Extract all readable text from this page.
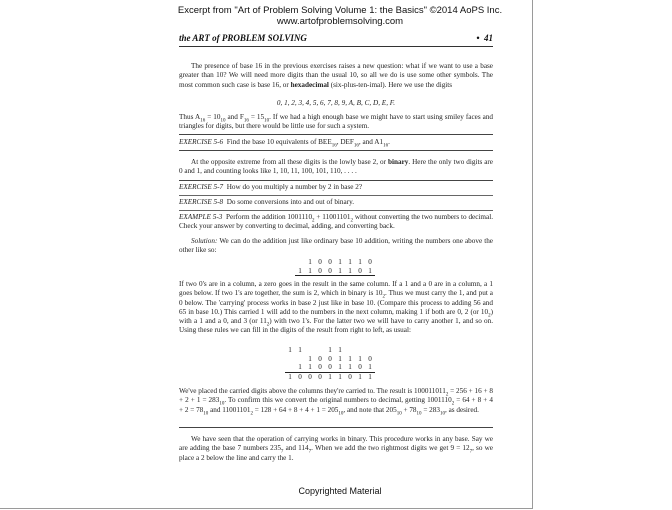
Excerpt from "Art of Problem Solving Volume 1: the Basics" ©2014 AoPS Inc.
www.artofproblemsolving.com
the ART of PROBLEM SOLVING	• 41
The presence of base 16 in the previous exercises raises a new question: what if we want to use a base greater than 10? We will need more digits than the usual 10, so all we do is use some other symbols. The most common such case is base 16, or hexadecimal (six-plus-ten-imal). Here we use the digits
0, 1, 2, 3, 4, 5, 6, 7, 8, 9, A, B, C, D, E, F.
Thus $A_{16} = 10_{10}$ and $F_{16} = 15_{10}$. If we had a high enough base we might have to start using smiley faces and triangles for digits, but there would be little use for such a system.
EXERCISE 5-6 Find the base 10 equivalents of $BEE_{16}$, $DEF_{16}$, and $A1_{16}$.
At the opposite extreme from all these digits is the lowly base 2, or binary. Here the only two digits are 0 and 1, and counting looks like 1, 10, 11, 100, 101, 110, . . . .
EXERCISE 5-7 How do you multiply a number by 2 in base 2?
EXERCISE 5-8 Do some conversions into and out of binary.
EXAMPLE 5-3 Perform the addition $1001110_2 + 11001101_2$ without converting the two numbers to decimal. Check your answer by converting to decimal, adding, and converting back.
Solution: We can do the addition just like ordinary base 10 addition, writing the numbers one above the other like so:
1 0 0 1 1 1 0
1 1 0 0 1 1 0 1
If two 0's are in a column, a zero goes in the result in the same column. If a 1 and a 0 are in a column, a 1 goes below. If two 1's are together, the sum is 2, which in binary is $10_2$. Thus we must carry the 1, and put a 0 below. The 'carrying' process works in base 2 just like in base 10. (Compare this process to adding 56 and 65 in base 10.) This carried 1 will add to the numbers in the next column, making 1 if both are 0, 2 (or $10_2$) with a 1 and a 0, and 3 (or $11_2$) with two 1's. For the latter two we will have to carry another 1, and so on. Using these rules we can fill in the digits of the result from right to left, as usual:
1 1	1 1
1 0 0 1 1 1 0
1 1 0 0 1 1 0 1
1 0 0 0 1 1 0 1 1
We've placed the carried digits above the columns they're carried to. The result is $100011011_2 = 256 + 16 + 8 + 2 + 1 = 283_{10}$. To confirm this we convert the original numbers to decimal, getting $1001110_2 = 64 + 8 + 4 + 2 = 78_{10}$ and $11001101_2 = 128 + 64 + 8 + 4 + 1 = 205_{10}$, and note that $205_{10} + 78_{10} = 283_{10}$, as desired.
We have seen that the operation of carrying works in binary. This procedure works in any base. Say we are adding the base 7 numbers $235_7$ and $114_7$. When we add the two rightmost digits we get $9 = 12_7$, so we place a 2 below the line and carry the 1.
Copyrighted Material
